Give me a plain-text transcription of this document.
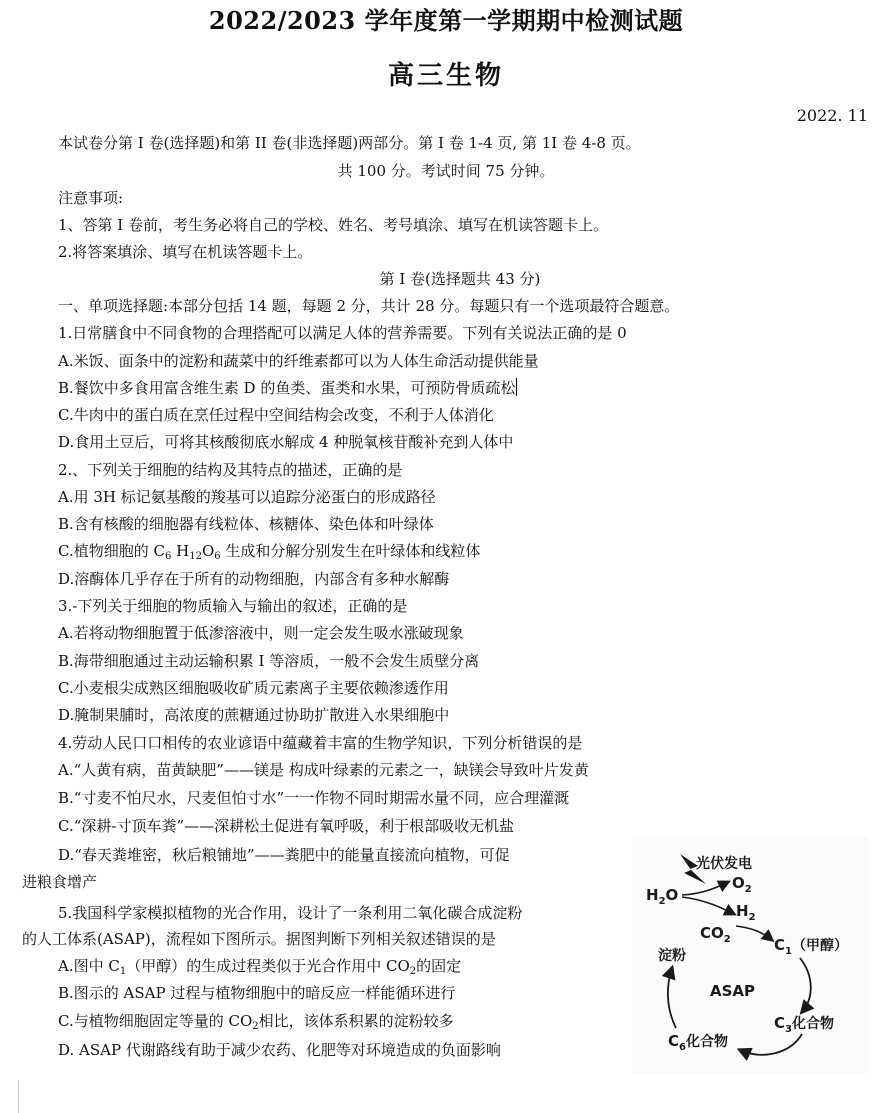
2022/2023 学年度第一学期期中检测试题
高三生物
2022. 11
本试卷分第 I 卷(选择题)和第 II 卷(非选择题)两部分。第 I 卷 1-4 页, 第 1I 卷 4-8 页。
共 100 分。考试时间 75 分钟。
注意事项:
1、答第 I 卷前，考生务必将自己的学校、姓名、考号填涂、填写在机读答题卡上。
2.将答案填涂、填写在机读答题卡上。
第 I 卷(选择题共 43 分)
一、单项选择题:本部分包括 14 题，每题 2 分，共计 28 分。每题只有一个选项最符合题意。
1.日常膳食中不同食物的合理搭配可以满足人体的营养需要。下列有关说法正确的是 0
A.米饭、面条中的淀粉和蔬菜中的纤维素都可以为人体生命活动提供能量
B.餐饮中多食用富含维生素 D 的鱼类、蛋类和水果，可预防骨质疏松
C.牛肉中的蛋白质在烹任过程中空间结构会改变，不利于人体消化
D.食用土豆后，可将其核酸彻底水解成 4 种脱氧核苷酸补充到人体中
2.、下列关于细胞的结构及其特点的描述，正确的是
A.用 3H 标记氨基酸的羧基可以追踪分泌蛋白的形成路径
B.含有核酸的细胞器有线粒体、核糖体、染色体和叶绿体
C.植物细胞的 $C_6$ $H_{12}O_6$ 生成和分解分别发生在叶绿体和线粒体
D.溶酶体几乎存在于所有的动物细胞，内部含有多种水解酶
3.-下列关于细胞的物质输入与输出的叙述，正确的是
A.若将动物细胞置于低渗溶液中，则一定会发生吸水涨破现象
B.海带细胞通过主动运输积累 I 等溶质，一般不会发生质壁分离
C.小麦根尖成熟区细胞吸收矿质元素离子主要依赖渗透作用
D.腌制果脯时，高浓度的蔗糖通过协助扩散进入水果细胞中
4.劳动人民口口相传的农业谚语中蕴藏着丰富的生物学知识，下列分析错误的是
A.“人黄有病，苗黄缺肥”——镁是 构成叶绿素的元素之一，缺镁会导致叶片发黄
B.“寸麦不怕尺水，尺麦但怕寸水”一一作物不同时期需水量不同，应合理灌溉
C.“深耕-寸顶车粪”——深耕松土促进有氧呼吸，利于根部吸收无机盐
D.“春天粪堆密，秋后粮铺地”——粪肥中的能量直接流向植物，可促
进粮食增产
5.我国科学家模拟植物的光合作用，设计了一条利用二氧化碳合成淀粉
的人工体系(ASAP)，流程如下图所示。据图判断下列相关叙述错误的是
A.图中 $C_1$（甲醇）的生成过程类似于光合作用中 $CO_2$的固定
B.图示的 ASAP 过程与植物细胞中的暗反应一样能循环进行
C.与植物细胞固定等量的 $CO_2$相比，该体系积累的淀粉较多
D. ASAP 代谢路线有助于减少农药、化肥等对环境造成的负面影响
光伏发电
$H_2O$
$O_2$
$H_2$
$CO_2$	$C_1$（甲醇）
淀粉
ASAP
$C_3$化合物
$C_6$化合物
